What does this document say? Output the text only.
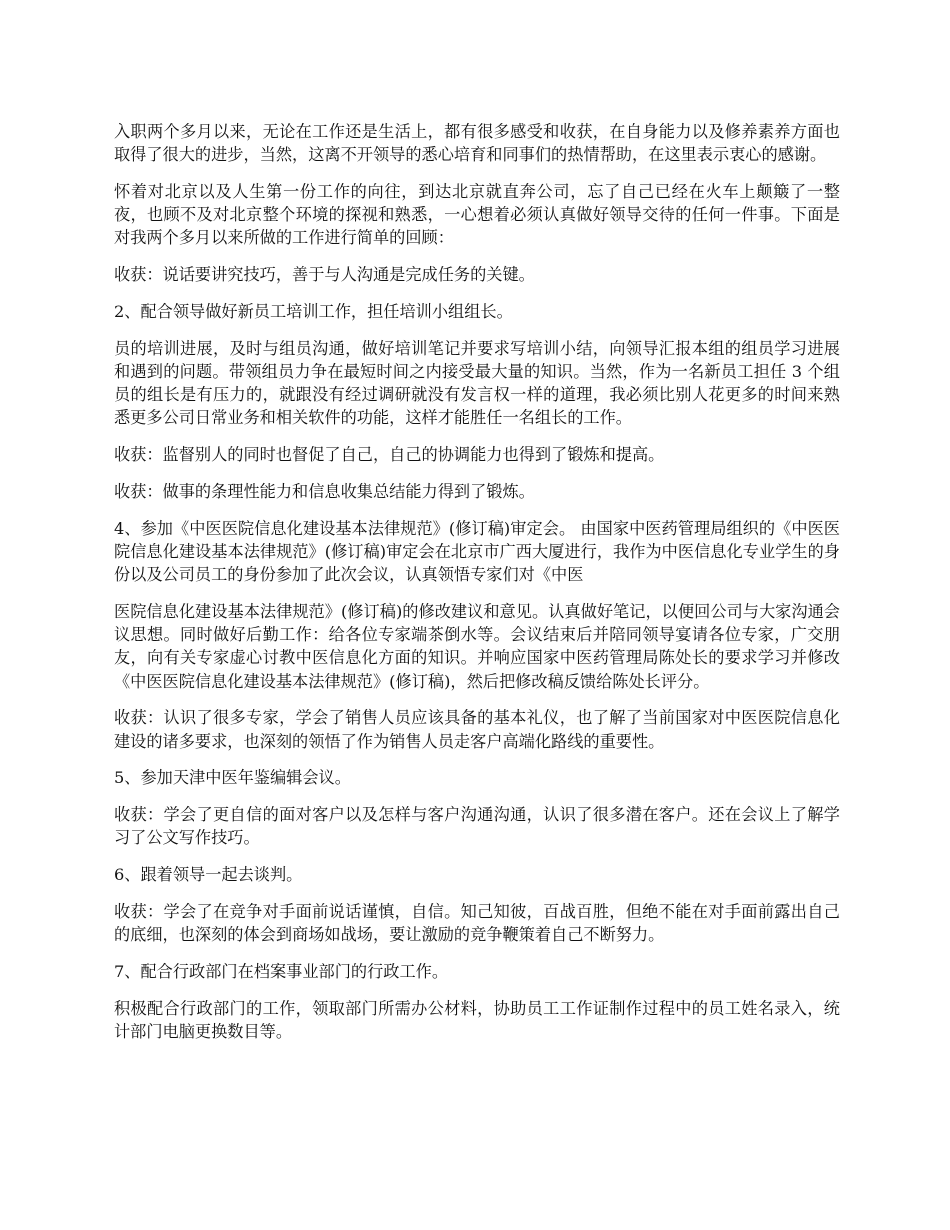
入职两个多月以来，无论在工作还是生活上，都有很多感受和收获，在自身能力以及修养素养方面也取得了很大的进步，当然，这离不开领导的悉心培育和同事们的热情帮助，在这里表示衷心的感谢。

怀着对北京以及人生第一份工作的向往，到达北京就直奔公司，忘了自己已经在火车上颠簸了一整夜，也顾不及对北京整个环境的探视和熟悉，一心想着必须认真做好领导交待的任何一件事。下面是对我两个多月以来所做的工作进行简单的回顾：

收获：说话要讲究技巧，善于与人沟通是完成任务的关键。

2、配合领导做好新员工培训工作，担任培训小组组长。

员的培训进展，及时与组员沟通，做好培训笔记并要求写培训小结，向领导汇报本组的组员学习进展和遇到的问题。带领组员力争在最短时间之内接受最大量的知识。当然，作为一名新员工担任 3 个组员的组长是有压力的，就跟没有经过调研就没有发言权一样的道理，我必须比别人花更多的时间来熟悉更多公司日常业务和相关软件的功能，这样才能胜任一名组长的工作。

收获：监督别人的同时也督促了自己，自己的协调能力也得到了锻炼和提高。

收获：做事的条理性能力和信息收集总结能力得到了锻炼。

4、参加《中医医院信息化建设基本法律规范》(修订稿)审定会。 由国家中医药管理局组织的《中医医院信息化建设基本法律规范》(修订稿)审定会在北京市广西大厦进行，我作为中医信息化专业学生的身份以及公司员工的身份参加了此次会议，认真领悟专家们对《中医

医院信息化建设基本法律规范》(修订稿)的修改建议和意见。认真做好笔记，以便回公司与大家沟通会议思想。同时做好后勤工作：给各位专家端茶倒水等。会议结束后并陪同领导宴请各位专家，广交朋友，向有关专家虚心讨教中医信息化方面的知识。并响应国家中医药管理局陈处长的要求学习并修改《中医医院信息化建设基本法律规范》(修订稿)，然后把修改稿反馈给陈处长评分。

收获：认识了很多专家，学会了销售人员应该具备的基本礼仪，也了解了当前国家对中医医院信息化建设的诸多要求，也深刻的领悟了作为销售人员走客户高端化路线的重要性。

5、参加天津中医年鉴编辑会议。

收获：学会了更自信的面对客户以及怎样与客户沟通沟通，认识了很多潜在客户。还在会议上了解学习了公文写作技巧。

6、跟着领导一起去谈判。

收获：学会了在竞争对手面前说话谨慎，自信。知己知彼，百战百胜，但绝不能在对手面前露出自己的底细，也深刻的体会到商场如战场，要让激励的竞争鞭策着自己不断努力。

7、配合行政部门在档案事业部门的行政工作。

积极配合行政部门的工作，领取部门所需办公材料，协助员工工作证制作过程中的员工姓名录入，统计部门电脑更换数目等。
